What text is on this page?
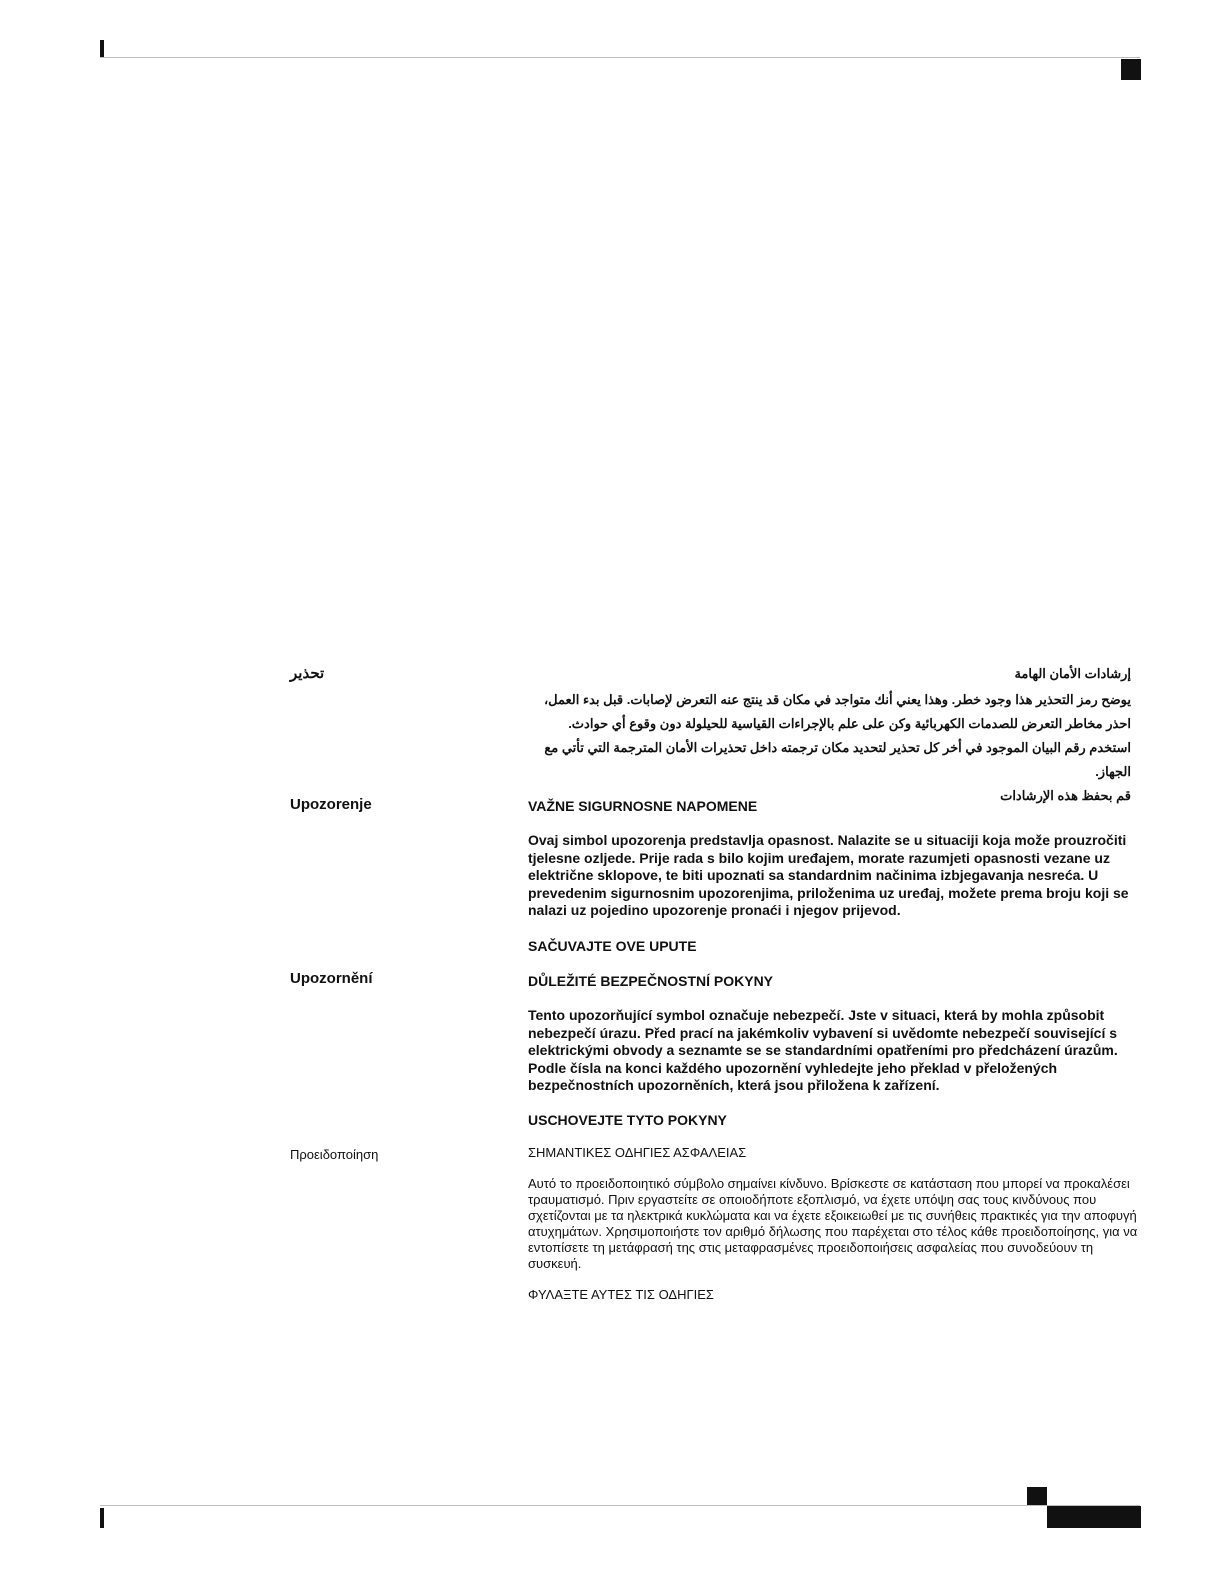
تحذير	إرشادات الأمان الهامة

يوضح رمز التحذير هذا وجود خطر. وهذا يعني أنك متواجد في مكان قد ينتج عنه التعرض لإصابات. قبل بدء العمل، احذر مخاطر التعرض للصدمات الكهربائية وكن على علم بالإجراءات القياسية للحيلولة دون وقوع أي حوادث. استخدم رقم البيان الموجود في أخر كل تحذير لتحديد مكان ترجمته داخل تحذيرات الأمان المترجمة التي تأتي مع الجهاز.

قم بحفظ هذه الإرشادات

Upozorenje	VAŽNE SIGURNOSNE NAPOMENE

Ovaj simbol upozorenja predstavlja opasnost. Nalazite se u situaciji koja može prouzročiti tjelesne ozljede. Prije rada s bilo kojim uređajem, morate razumjeti opasnosti vezane uz električne sklopove, te biti upoznati sa standardnim načinima izbjegavanja nesreća. U prevedenim sigurnosnim upozorenjima, priloženima uz uređaj, možete prema broju koji se nalazi uz pojedino upozorenje pronaći i njegov prijevod.

SAČUVAJTE OVE UPUTE

Upozornění	DŮLEŽITÉ BEZPEČNOSTNÍ POKYNY

Tento upozorňující symbol označuje nebezpečí. Jste v situaci, která by mohla způsobit nebezpečí úrazu. Před prací na jakémkoliv vybavení si uvědomte nebezpečí související s elektrickými obvody a seznamte se se standardními opatřeními pro předcházení úrazům. Podle čísla na konci každého upozornění vyhledejte jeho překlad v přeložených bezpečnostních upozorněních, která jsou přiložena k zařízení.

USCHOVEJTE TYTO POKYNY

Προειδοποίηση	ΣΗΜΑΝΤΙΚΕΣ ΟΔΗΓΙΕΣ ΑΣΦΑΛΕΙΑΣ

Αυτό το προειδοποιητικό σύμβολο σημαίνει κίνδυνο. Βρίσκεστε σε κατάσταση που μπορεί να προκαλέσει τραυματισμό. Πριν εργαστείτε σε οποιοδήποτε εξοπλισμό, να έχετε υπόψη σας τους κινδύνους που σχετίζονται με τα ηλεκτρικά κυκλώματα και να έχετε εξοικειωθεί με τις συνήθεις πρακτικές για την αποφυγή ατυχημάτων. Χρησιμοποιήστε τον αριθμό δήλωσης που παρέχεται στο τέλος κάθε προειδοποίησης, για να εντοπίσετε τη μετάφρασή της στις μεταφρασμένες προειδοποιήσεις ασφαλείας που συνοδεύουν τη συσκευή.

ΦΥΛΑΞΤΕ ΑΥΤΕΣ ΤΙΣ ΟΔΗΓΙΕΣ
